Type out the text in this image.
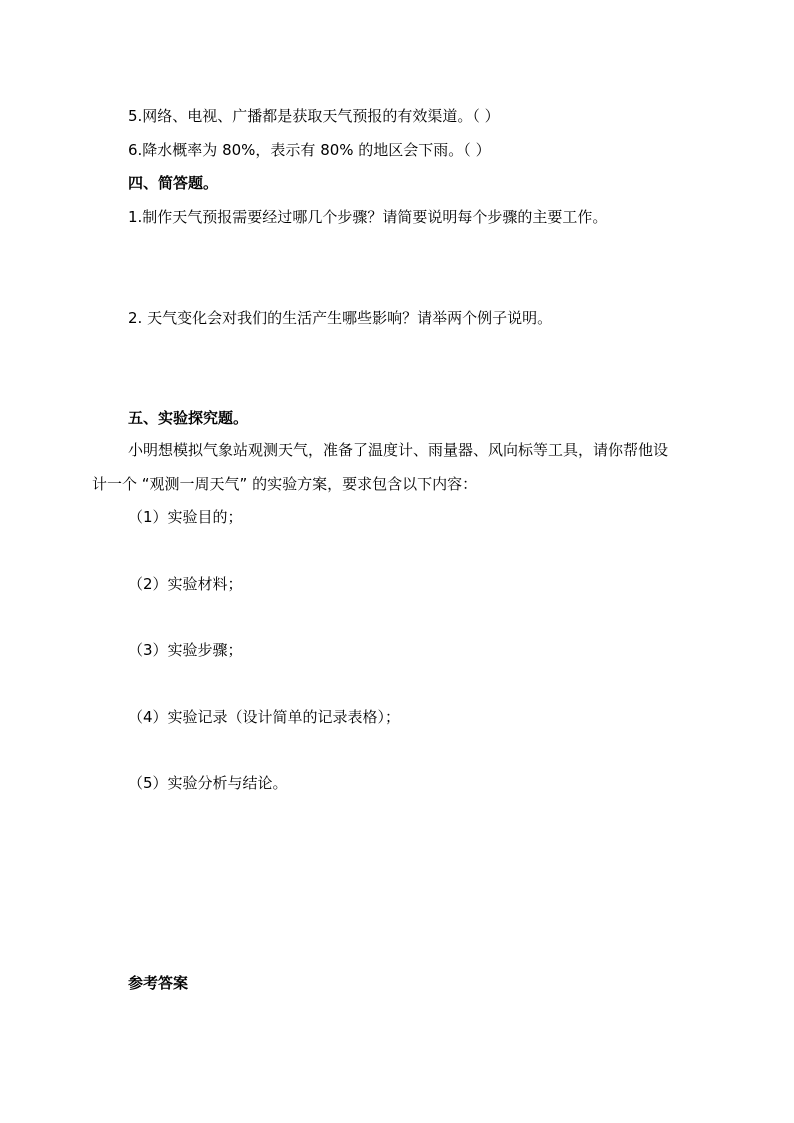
5.网络、电视、广播都是获取天气预报的有效渠道。（ ）
6.降水概率为 80%，表示有 80% 的地区会下雨。（ ）
四、简答题。
1.制作天气预报需要经过哪几个步骤？请简要说明每个步骤的主要工作。
2. 天气变化会对我们的生活产生哪些影响？请举两个例子说明。
五、实验探究题。
小明想模拟气象站观测天气，准备了温度计、雨量器、风向标等工具，请你帮他设
计一个 “观测一周天气” 的实验方案，要求包含以下内容：
（1）实验目的；
（2）实验材料；
（3）实验步骤；
（4）实验记录（设计简单的记录表格）；
（5）实验分析与结论。
参考答案
